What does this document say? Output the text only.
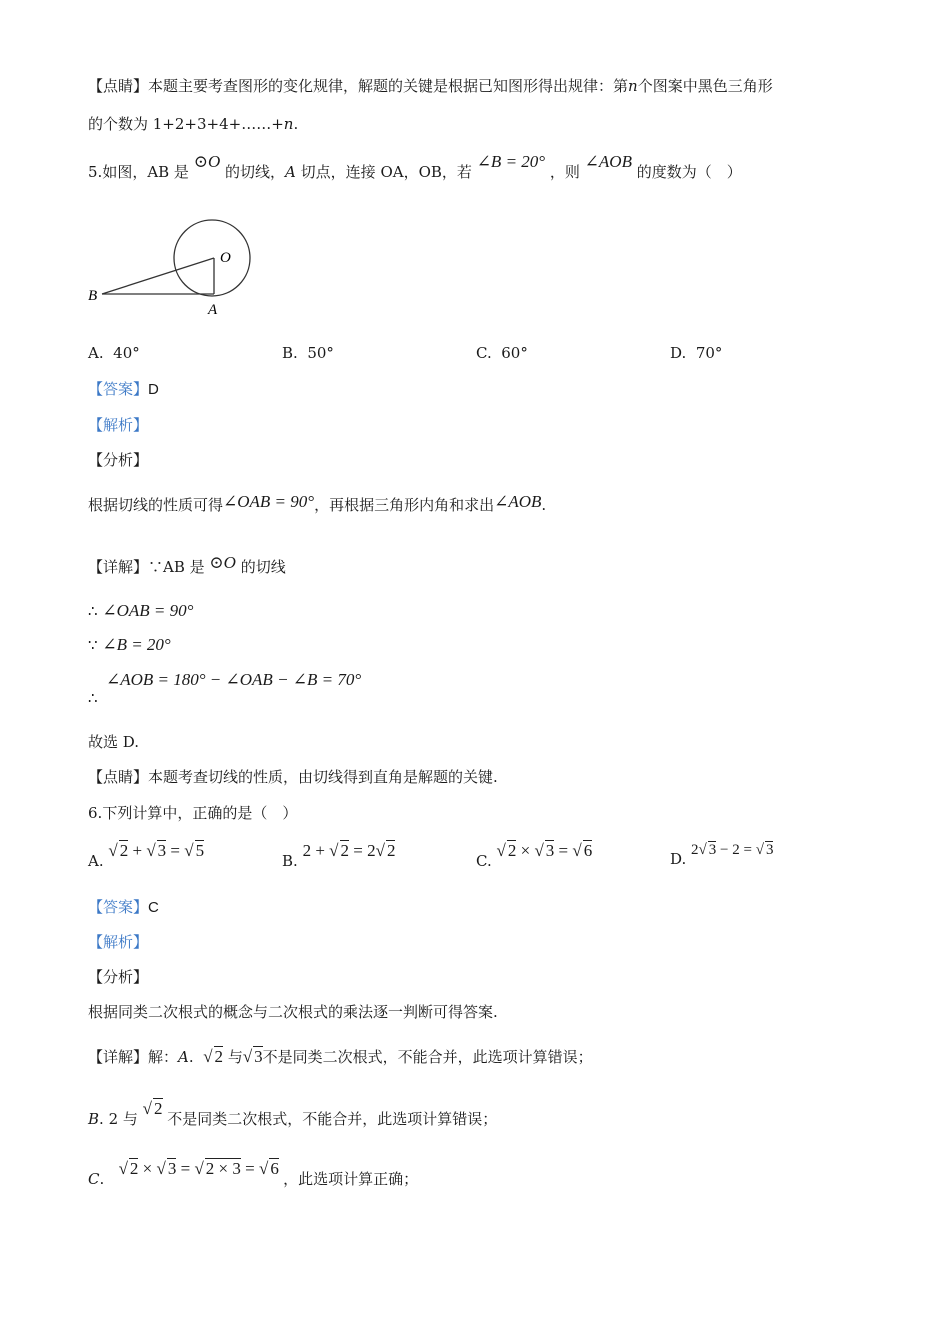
【点睛】本题主要考查图形的变化规律，解题的关键是根据已知图形得出规律：第n个图案中黑色三角形
的个数为 1+2+3+4+……+n.
5.如图，AB 是 ⊙O 的切线，A 切点，连接 OA，OB，若 ∠B = 20° ，则 ∠AOB 的度数为（　）
B
O
A
A. 40°	B. 50°	C. 60°	D. 70°
【答案】D
【解析】
【分析】
根据切线的性质可得∠OAB = 90°，再根据三角形内角和求出∠AOB.
【详解】∵AB 是 ⊙O 的切线
∴ ∠OAB = 90°
∵ ∠B = 20°
∠AOB = 180° − ∠OAB − ∠B = 70°
∴
故选 D.
【点睛】本题考查切线的性质，由切线得到直角是解题的关键.
6.下列计算中，正确的是（　）
A. √ 2 + √ 3 = √ 5
B. 2 + √ 2 = 2√ 2
C. √ 2 × √ 3 = √ 6	D. 2√ 3 − 2 = √ 3
【答案】C
【解析】
【分析】
根据同类二次根式的概念与二次根式的乘法逐一判断可得答案.
【详解】解：A. √ 2 与√ 3不是同类二次根式，不能合并，此选项计算错误；
B. 2 与 √ 2 不是同类二次根式，不能合并，此选项计算错误；
C.   √ 2 × √ 3 = √ 2 × 3 = √ 6 ，此选项计算正确；
